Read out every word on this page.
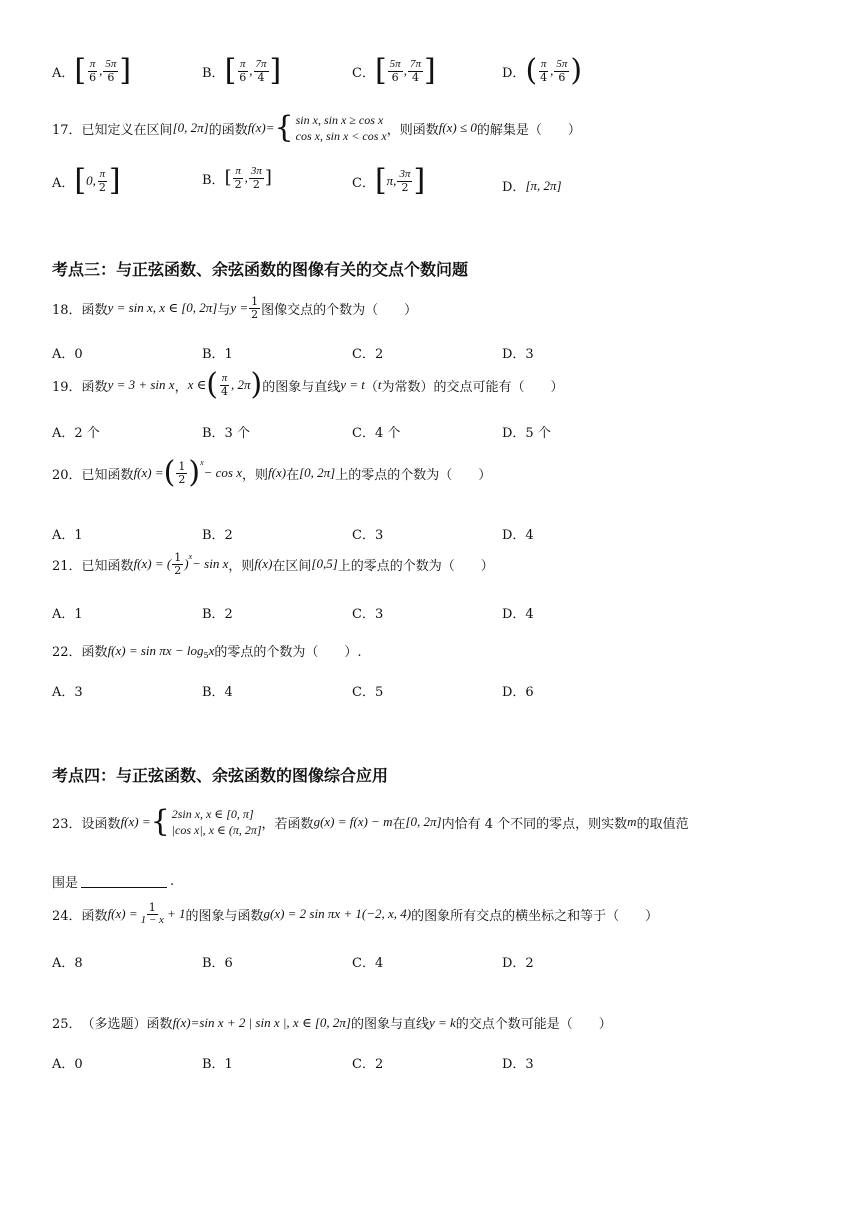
A． [ $\frac{\pi}{6}$ , $\frac{5\pi}{6}$ ]	B． [ $\frac{\pi}{6}$ , $\frac{7\pi}{4}$ ]	C． [ $\frac{5\pi}{6}$ , $\frac{7\pi}{4}$ ]	D． ( $\frac{\pi}{4}$ , $\frac{5\pi}{6}$ )
17． 已知定义在区间 [0, 2π] 的函数 f(x)= { sin x, sin x ≥ cos x
cos x, sin x < cos x ，则函数 f(x) ≤ 0 的解集是（　　）
A． [ 0, $\frac{\pi}{2}$ ]	B． [ $\frac{\pi}{2}$ , $\frac{3\pi}{2}$ ]	C． [ π, $\frac{3\pi}{2}$ ]	D． [π, 2π]
考点三：与正弦函数、余弦函数的图像有关的交点个数问题
18． 函数 y = sin x, x ∈ [0, 2π] 与 $y = \frac{1}{2}$ 图像交点的个数为（　　）
A．0	B．1	C．2	D．3
19． 函数 y = 3 + sin x ， x ∈ ( $\frac{\pi}{4}$ , 2π ) 的图象与直线 y = t （ t 为常数）的交点可能有（　　）
A．2 个	B．3 个	C．4 个	D．5 个
20． 已知函数 f(x) = ( $\frac{1}{2} )^x$
− cos x ，则 f(x) 在 [0, 2π] 上的零点的个数为（　　）
A．1	B．2	C．3	D．4
21． 已知函数 f(x) = ( $\frac{1}{2} )^x - \sin x$ ，则 f(x) 在区间 [0,5] 上的零点的个数为（　　）
A．1	B．2	C．3	D．4
22． 函数 $f(x) = \sin \pi x - \log_5 x$ 的零点的个数为（　　）.
A．3	B．4	C．5	D．6
考点四：与正弦函数、余弦函数的图像综合应用
23． 设函数 f(x) = { 2sin x, x ∈ [0, π]
|cos x|, x ∈ (π, 2π] ，若函数 g(x) = f(x) − m 在 [0, 2π] 内恰有 4 个不同的零点，则实数 m 的取值范
围是	.
24． 函数 $f(x) = \frac{1}{1 - x} + 1$ 的图象与函数 g(x) = 2 sin πx + 1(−2, x, 4) 的图象所有交点的横坐标之和等于（　　）
A．8	B．6	C．4	D．2
25． （多选题）函数 f(x)=sin x + 2 | sin x |, x ∈ [0, 2π] 的图象与直线 y = k 的交点个数可能是（　　）
A．0	B．1	C．2	D．3
